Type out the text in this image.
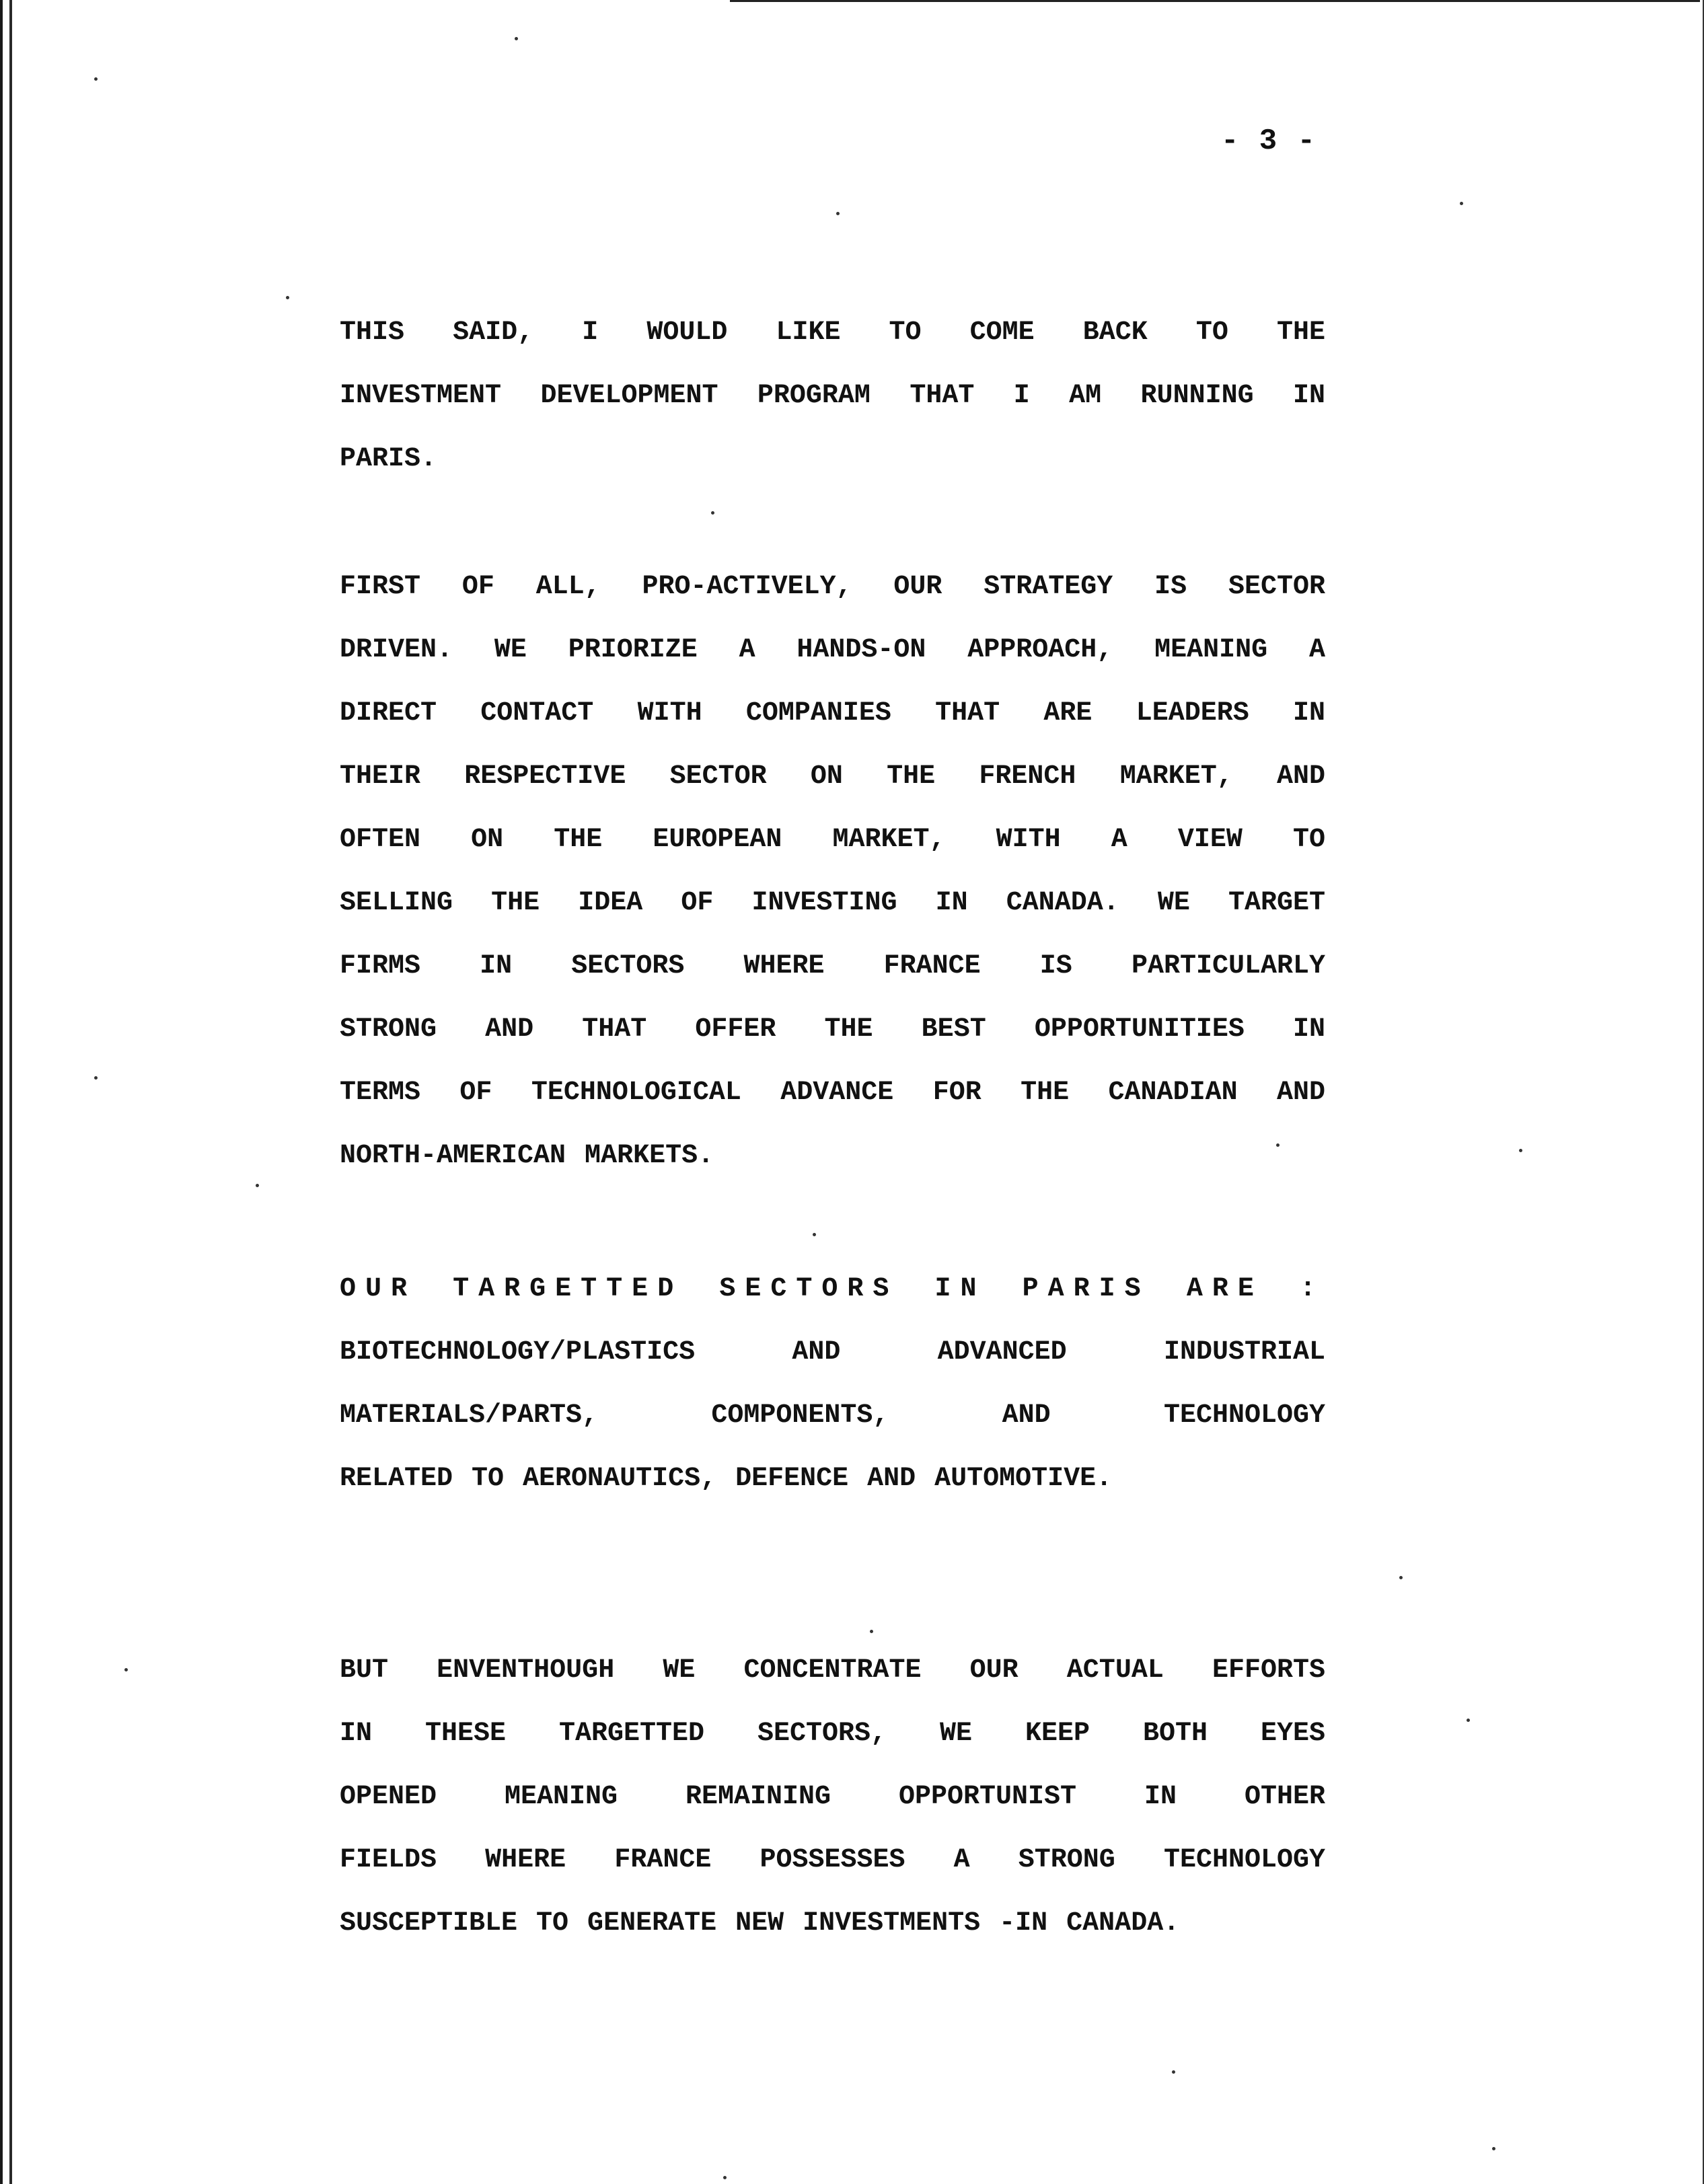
- 3 -
THIS SAID, I WOULD LIKE TO COME BACK TO THE
INVESTMENT DEVELOPMENT PROGRAM THAT I AM RUNNING IN
PARIS.
FIRST OF ALL, PRO-ACTIVELY, OUR STRATEGY IS SECTOR
DRIVEN. WE PRIORIZE A HANDS-ON APPROACH, MEANING A
DIRECT CONTACT WITH COMPANIES THAT ARE LEADERS IN
THEIR RESPECTIVE SECTOR ON THE FRENCH MARKET, AND
OFTEN ON THE EUROPEAN MARKET, WITH A VIEW TO
SELLING THE IDEA OF INVESTING IN CANADA. WE TARGET
FIRMS IN SECTORS WHERE FRANCE IS PARTICULARLY
STRONG AND THAT OFFER THE BEST OPPORTUNITIES IN
TERMS OF TECHNOLOGICAL ADVANCE FOR THE CANADIAN AND
NORTH-AMERICAN MARKETS.
OUR TARGETTED SECTORS IN PARIS ARE :
BIOTECHNOLOGY/PLASTICS AND ADVANCED INDUSTRIAL
MATERIALS/PARTS, COMPONENTS, AND TECHNOLOGY
RELATED TO AERONAUTICS, DEFENCE AND AUTOMOTIVE.
BUT ENVENTHOUGH WE CONCENTRATE OUR ACTUAL EFFORTS
IN THESE TARGETTED SECTORS, WE KEEP BOTH EYES
OPENED MEANING REMAINING OPPORTUNIST IN OTHER
FIELDS WHERE FRANCE POSSESSES A STRONG TECHNOLOGY
SUSCEPTIBLE TO GENERATE NEW INVESTMENTS -IN CANADA.
